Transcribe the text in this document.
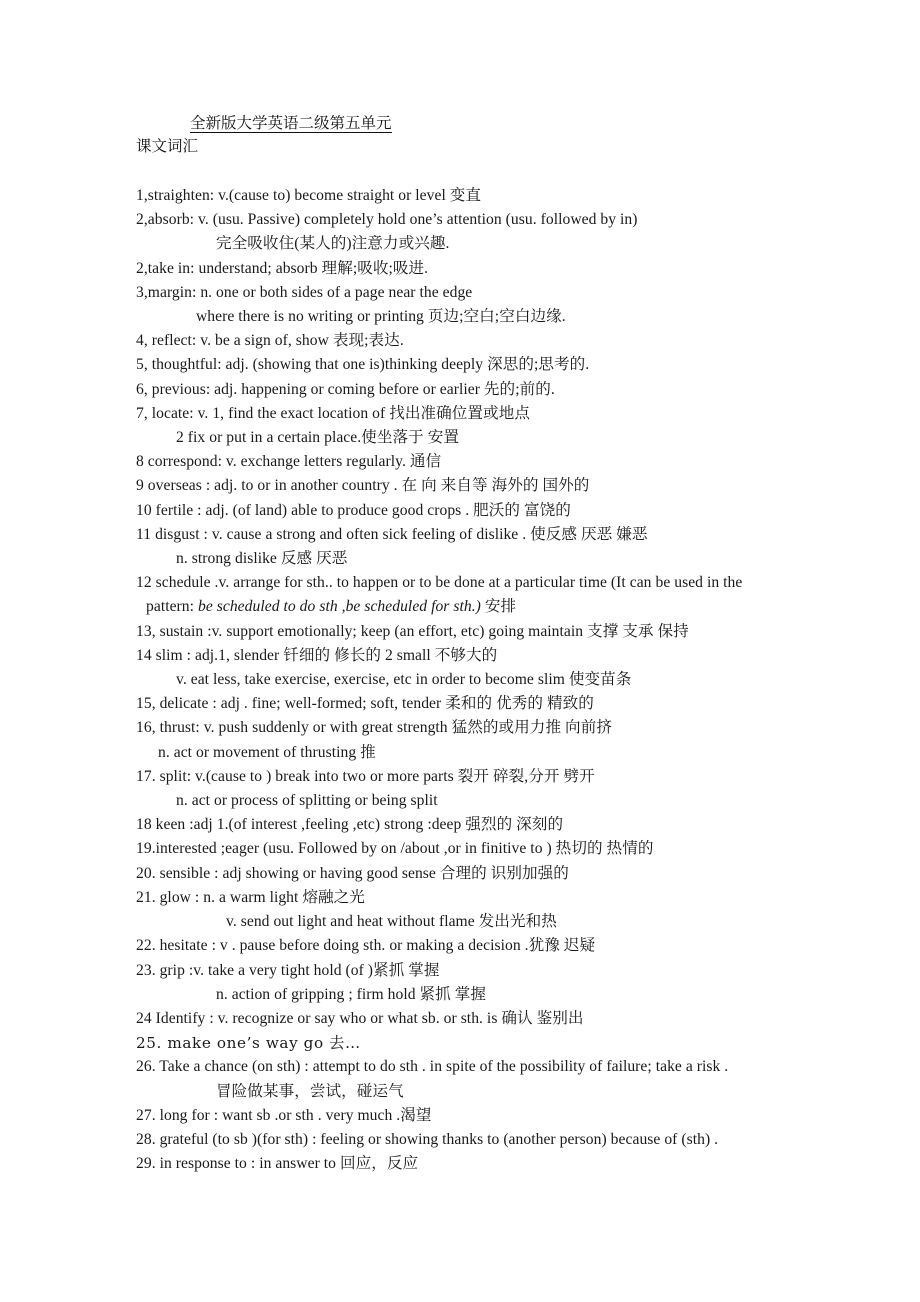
全新版大学英语二级第五单元
课文词汇
1,straighten: v.(cause to) become straight or level 变直
2,absorb: v. (usu. Passive) completely hold one’s attention (usu. followed by in)
完全吸收住(某人的)注意力或兴趣.
2,take in: understand; absorb 理解;吸收;吸进.
3,margin: n. one or both sides of a page near the edge
where there is no writing or printing 页边;空白;空白边缘.
4, reflect: v. be a sign of, show 表现;表达.
5, thoughtful: adj. (showing that one is)thinking deeply 深思的;思考的.
6, previous: adj. happening or coming before or earlier 先的;前的.
7, locate: v. 1, find the exact location of 找出准确位置或地点
2 fix or put in a certain place.使坐落于 安置
8 correspond: v. exchange letters regularly. 通信
9 overseas : adj. to or in another country . 在 向 来自等 海外的 国外的
10 fertile : adj. (of land) able to produce good crops . 肥沃的 富饶的
11 disgust : v. cause a strong and often sick feeling of dislike . 使反感 厌恶 嫌恶
n. strong dislike 反感 厌恶
12 schedule .v. arrange for sth.. to happen or to be done at a particular time (It can be used in the
pattern: be scheduled to do sth ,be scheduled for sth.) 安排
13, sustain :v. support emotionally; keep (an effort, etc) going maintain 支撑 支承 保持
14 slim : adj.1, slender 钎细的 修长的 2 small 不够大的
v. eat less, take exercise, exercise, etc in order to become slim 使变苗条
15, delicate : adj . fine; well-formed; soft, tender 柔和的 优秀的 精致的
16, thrust: v. push suddenly or with great strength 猛然的或用力推 向前挤
n. act or movement of thrusting 推
17. split: v.(cause to ) break into two or more parts 裂开 碎裂,分开 劈开
n. act or process of splitting or being split
18 keen :adj 1.(of interest ,feeling ,etc) strong :deep 强烈的 深刻的
19.interested ;eager (usu. Followed by on /about ,or in finitive to ) 热切的 热情的
20. sensible : adj showing or having good sense 合理的 识别加强的
21. glow : n. a warm light 熔融之光
v. send out light and heat without flame 发出光和热
22. hesitate : v . pause before doing sth. or making a decision .犹豫 迟疑
23. grip :v. take a very tight hold (of )紧抓 掌握
n. action of gripping ; firm hold 紧抓 掌握
24 Identify : v. recognize or say who or what sb. or sth. is 确认 鉴别出
25. make one’s way go 去…
26. Take a chance (on sth) : attempt to do sth . in spite of the possibility of failure; take a risk .
冒险做某事，尝试，碰运气
27. long for : want sb .or sth . very much .渴望
28. grateful (to sb )(for sth) : feeling or showing thanks to (another person) because of (sth) .
29. in response to : in answer to 回应，反应
